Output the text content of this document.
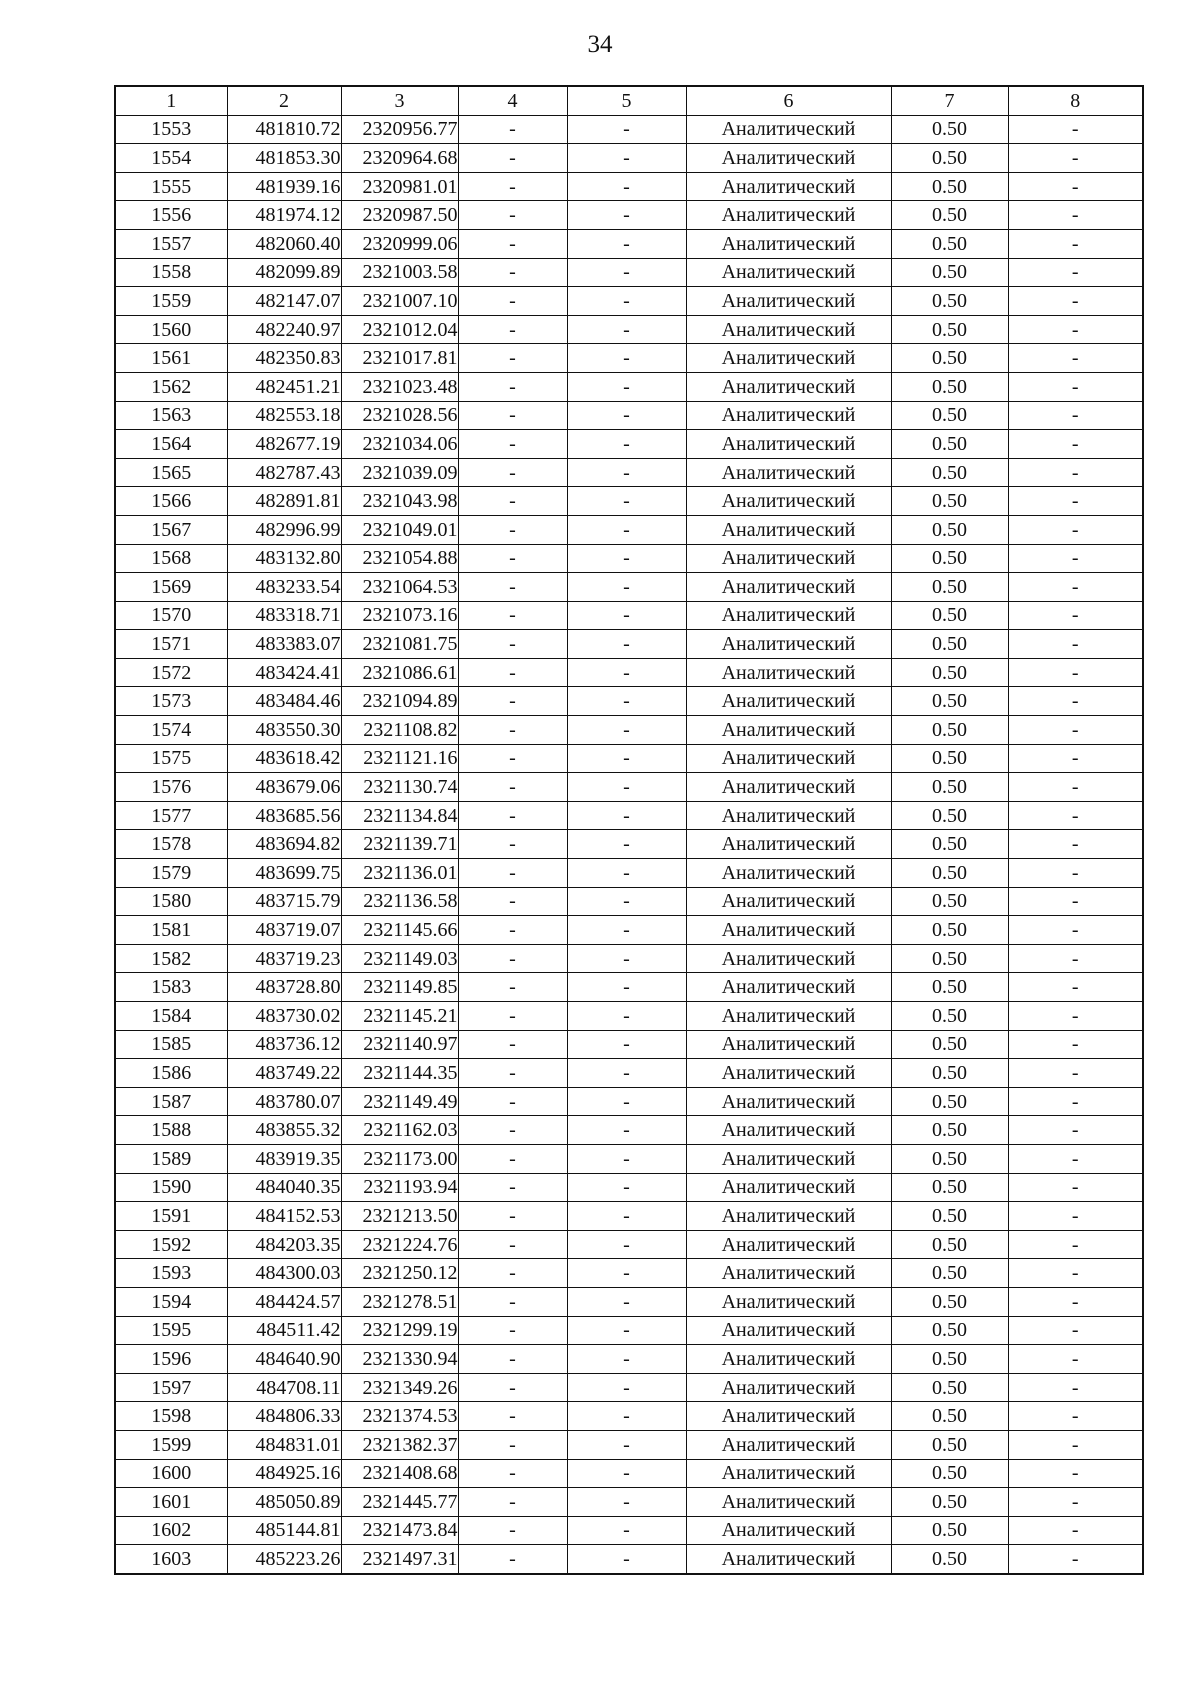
34
1	2	3	4	5	6	7	8
1553	481810.72	2320956.77	-	-	Аналитический	0.50	-
1554	481853.30	2320964.68	-	-	Аналитический	0.50	-
1555	481939.16	2320981.01	-	-	Аналитический	0.50	-
1556	481974.12	2320987.50	-	-	Аналитический	0.50	-
1557	482060.40	2320999.06	-	-	Аналитический	0.50	-
1558	482099.89	2321003.58	-	-	Аналитический	0.50	-
1559	482147.07	2321007.10	-	-	Аналитический	0.50	-
1560	482240.97	2321012.04	-	-	Аналитический	0.50	-
1561	482350.83	2321017.81	-	-	Аналитический	0.50	-
1562	482451.21	2321023.48	-	-	Аналитический	0.50	-
1563	482553.18	2321028.56	-	-	Аналитический	0.50	-
1564	482677.19	2321034.06	-	-	Аналитический	0.50	-
1565	482787.43	2321039.09	-	-	Аналитический	0.50	-
1566	482891.81	2321043.98	-	-	Аналитический	0.50	-
1567	482996.99	2321049.01	-	-	Аналитический	0.50	-
1568	483132.80	2321054.88	-	-	Аналитический	0.50	-
1569	483233.54	2321064.53	-	-	Аналитический	0.50	-
1570	483318.71	2321073.16	-	-	Аналитический	0.50	-
1571	483383.07	2321081.75	-	-	Аналитический	0.50	-
1572	483424.41	2321086.61	-	-	Аналитический	0.50	-
1573	483484.46	2321094.89	-	-	Аналитический	0.50	-
1574	483550.30	2321108.82	-	-	Аналитический	0.50	-
1575	483618.42	2321121.16	-	-	Аналитический	0.50	-
1576	483679.06	2321130.74	-	-	Аналитический	0.50	-
1577	483685.56	2321134.84	-	-	Аналитический	0.50	-
1578	483694.82	2321139.71	-	-	Аналитический	0.50	-
1579	483699.75	2321136.01	-	-	Аналитический	0.50	-
1580	483715.79	2321136.58	-	-	Аналитический	0.50	-
1581	483719.07	2321145.66	-	-	Аналитический	0.50	-
1582	483719.23	2321149.03	-	-	Аналитический	0.50	-
1583	483728.80	2321149.85	-	-	Аналитический	0.50	-
1584	483730.02	2321145.21	-	-	Аналитический	0.50	-
1585	483736.12	2321140.97	-	-	Аналитический	0.50	-
1586	483749.22	2321144.35	-	-	Аналитический	0.50	-
1587	483780.07	2321149.49	-	-	Аналитический	0.50	-
1588	483855.32	2321162.03	-	-	Аналитический	0.50	-
1589	483919.35	2321173.00	-	-	Аналитический	0.50	-
1590	484040.35	2321193.94	-	-	Аналитический	0.50	-
1591	484152.53	2321213.50	-	-	Аналитический	0.50	-
1592	484203.35	2321224.76	-	-	Аналитический	0.50	-
1593	484300.03	2321250.12	-	-	Аналитический	0.50	-
1594	484424.57	2321278.51	-	-	Аналитический	0.50	-
1595	484511.42	2321299.19	-	-	Аналитический	0.50	-
1596	484640.90	2321330.94	-	-	Аналитический	0.50	-
1597	484708.11	2321349.26	-	-	Аналитический	0.50	-
1598	484806.33	2321374.53	-	-	Аналитический	0.50	-
1599	484831.01	2321382.37	-	-	Аналитический	0.50	-
1600	484925.16	2321408.68	-	-	Аналитический	0.50	-
1601	485050.89	2321445.77	-	-	Аналитический	0.50	-
1602	485144.81	2321473.84	-	-	Аналитический	0.50	-
1603	485223.26	2321497.31	-	-	Аналитический	0.50	-
